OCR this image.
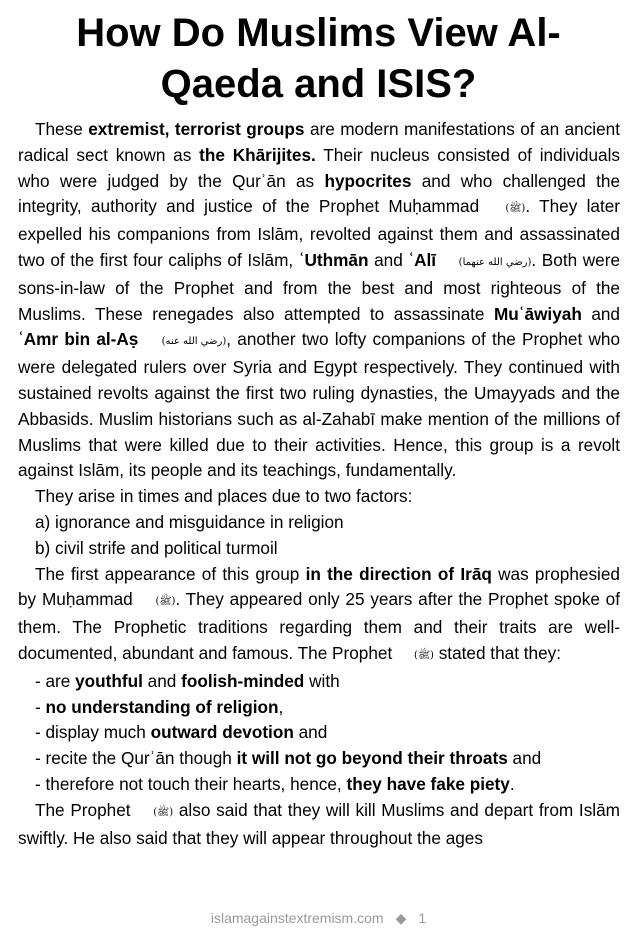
How Do Muslims View Al-
Qaeda and ISIS?

These extremist, terrorist groups are modern manifestations of an ancient radical sect known as the Khārijites. Their nucleus consisted of individuals who were judged by the Qurʾān as hypocrites and who challenged the integrity, authority and justice of the Prophet Muḥammad (ﷺ). They later expelled his companions from Islām, revolted against them and assassinated two of the first four caliphs of Islām, ʿUthmān and ʿAlī (رضي الله عنهما). Both were sons-in-law of the Prophet and from the best and most righteous of the Muslims. These renegades also attempted to assassinate Muʿāwiyah and ʿAmr bin al-Aṣ (رضي الله عنه), another two lofty companions of the Prophet who were delegated rulers over Syria and Egypt respectively. They continued with sustained revolts against the first two ruling dynasties, the Umayyads and the Abbasids. Muslim historians such as al-Zahabī make mention of the millions of Muslims that were killed due to their activities. Hence, this group is a revolt against Islām, its people and its teachings, fundamentally.

They arise in times and places due to two factors:

a) ignorance and misguidance in religion

b) civil strife and political turmoil

The first appearance of this group in the direction of Irāq was prophesied by Muḥammad (ﷺ). They appeared only 25 years after the Prophet spoke of them. The Prophetic traditions regarding them and their traits are well-documented, abundant and famous. The Prophet (ﷺ) stated that they:

- are youthful and foolish-minded with

- no understanding of religion,

- display much outward devotion and

- recite the Qurʾān though it will not go beyond their throats and

- therefore not touch their hearts, hence, they have fake piety.

The Prophet (ﷺ) also said that they will kill Muslims and depart from Islām swiftly. He also said that they will appear throughout the ages

islamagainstextremism.com ◆ 1
